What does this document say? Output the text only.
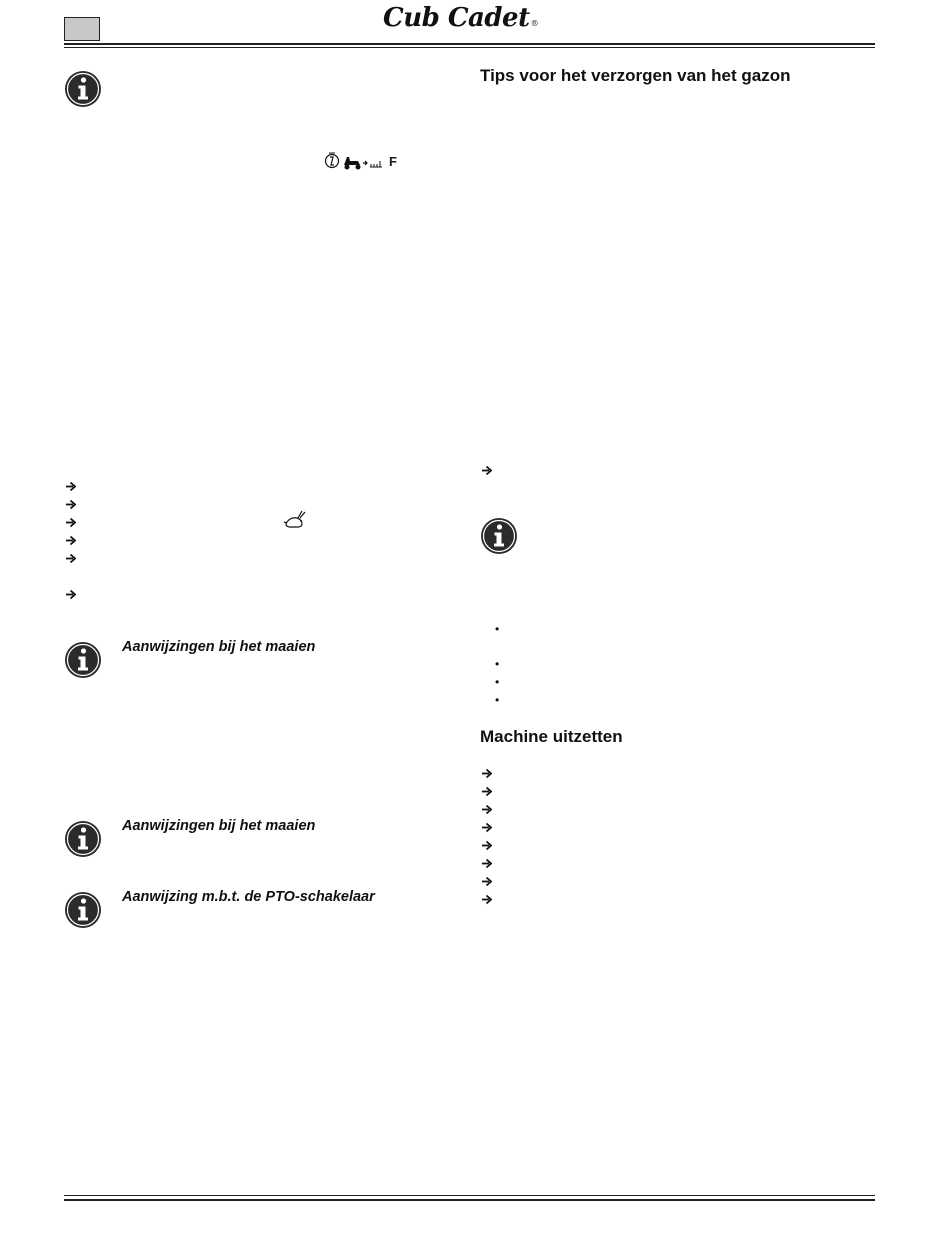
Cub Cadet®
F
Aanwijzingen bij het maaien
Aanwijzingen bij het maaien
Aanwijzing m.b.t. de PTO-schakelaar
Tips voor het verzorgen van het gazon
•
•
•
•
Machine uitzetten
